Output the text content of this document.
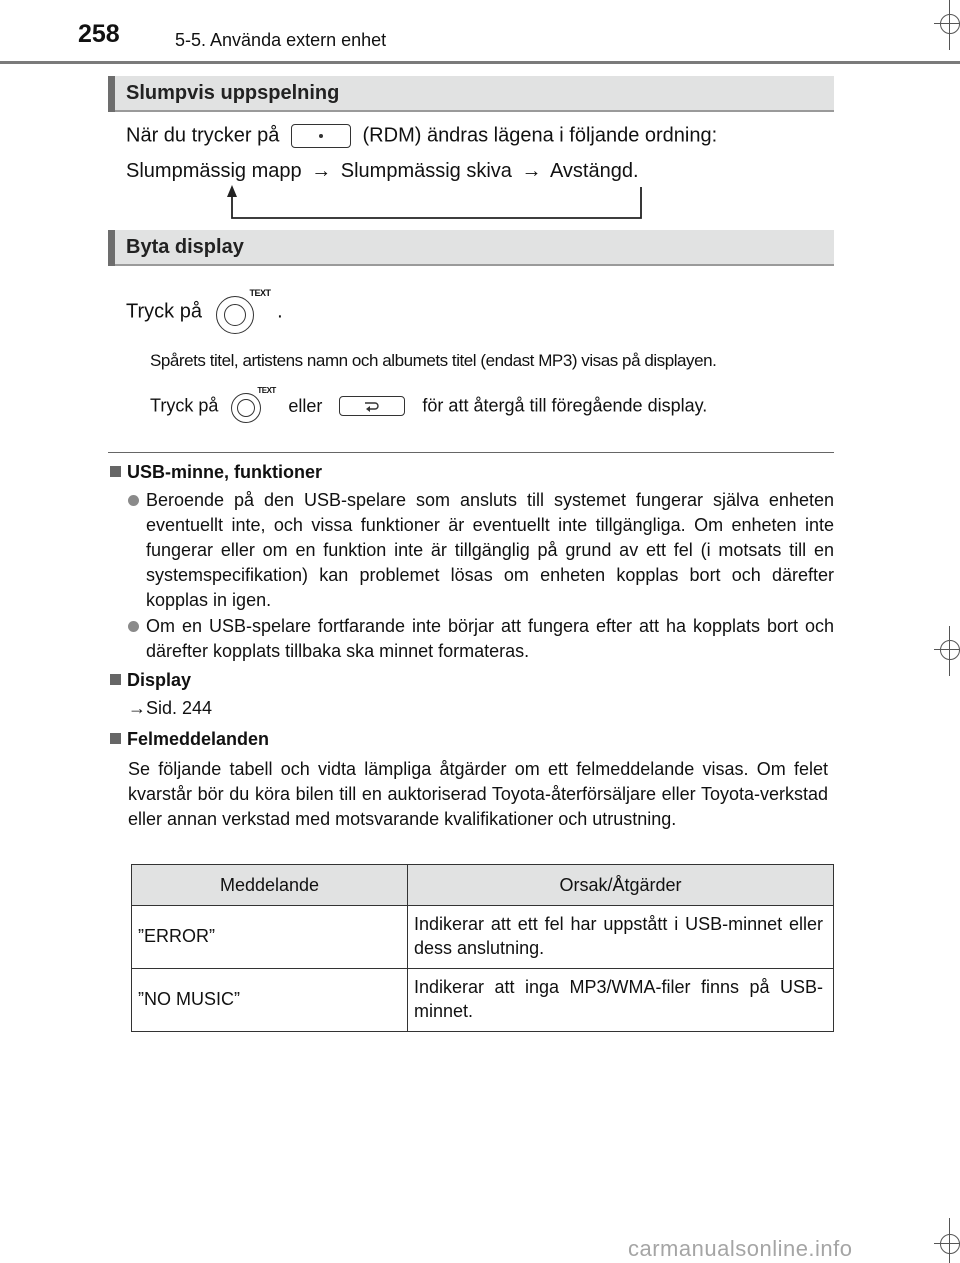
258	5-5. Använda extern enhet
Slumpvis uppspelning
När du trycker på	(RDM) ändras lägena i följande ordning:
Slumpmässig mapp → Slumpmässig skiva → Avstängd.
Byta display
Tryck på
TEXT
.
Spårets titel, artistens namn och albumets titel (endast MP3) visas på displayen.
Tryck på
TEXT
eller	för att återgå till föregående display.
USB-minne, funktioner
Beroende på den USB-spelare som ansluts till systemet fungerar själva enheten eventuellt inte, och vissa funktioner är eventuellt inte tillgängliga. Om enheten inte fungerar eller om en funktion inte är tillgänglig på grund av ett fel (i motsats till en systemspecifikation) kan problemet lösas om enheten kopplas bort och därefter kopplas in igen.
Om en USB-spelare fortfarande inte börjar att fungera efter att ha kopplats bort och därefter kopplats tillbaka ska minnet formateras.
Display
→Sid. 244
Felmeddelanden
Se följande tabell och vidta lämpliga åtgärder om ett felmeddelande visas. Om felet kvarstår bör du köra bilen till en auktoriserad Toyota-återförsäljare eller Toyota-verkstad eller annan verkstad med motsvarande kvalifikationer och utrustning.
Meddelande	Orsak/Åtgärder
”ERROR”	Indikerar att ett fel har uppstått i USB-minnet eller dess anslutning.
”NO MUSIC”	Indikerar att inga MP3/WMA-filer finns på USB-minnet.
carmanualsonline.info
